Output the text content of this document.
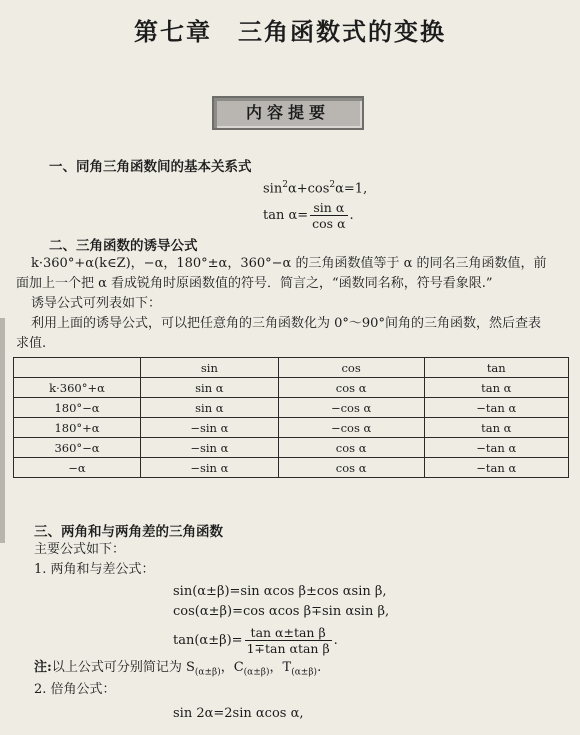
第七章　三角函数式的变换
内容提要
一、同角三角函数间的基本关系式
$\sin^2\alpha+\cos^2\alpha=1$,
$\tan \alpha= \frac{\text{sin α}}{\text{cos α}}$ .
二、三角函数的诱导公式
k·360°+α(k∈Z)，−α，180°±α，360°−α 的三角函数值等于 α 的同名三角函数值，前
面加上一个把 α 看成锐角时原函数值的符号．简言之，“函数同名称，符号看象限.”
诱导公式可列表如下：
利用上面的诱导公式，可以把任意角的三角函数化为 0°～90°间角的三角函数，然后查表
求值.
	sin	cos	tan
k·360°+α	sin α	cos α	tan α
180°−α	sin α	−cos α	−tan α
180°+α	−sin α	−cos α	tan α
360°−α	−sin α	cos α	−tan α
−α	−sin α	cos α	−tan α
三、两角和与两角差的三角函数
主要公式如下：
1. 两角和与差公式：
sin(α±β)=sin αcos β±cos αsin β,
cos(α±β)=cos αcos β∓sin αsin β,
$\tan(\alpha\pm\beta)= \frac{\text{tan α±tan β}}{\text{1∓tan αtan β}}$ .
注:以上公式可分别简记为 $S_{(\alpha\pm\beta)}$，$C_{(\alpha\pm\beta)}$，$T_{(\alpha\pm\beta)}$.
2. 倍角公式：
sin 2α=2sin αcos α,
